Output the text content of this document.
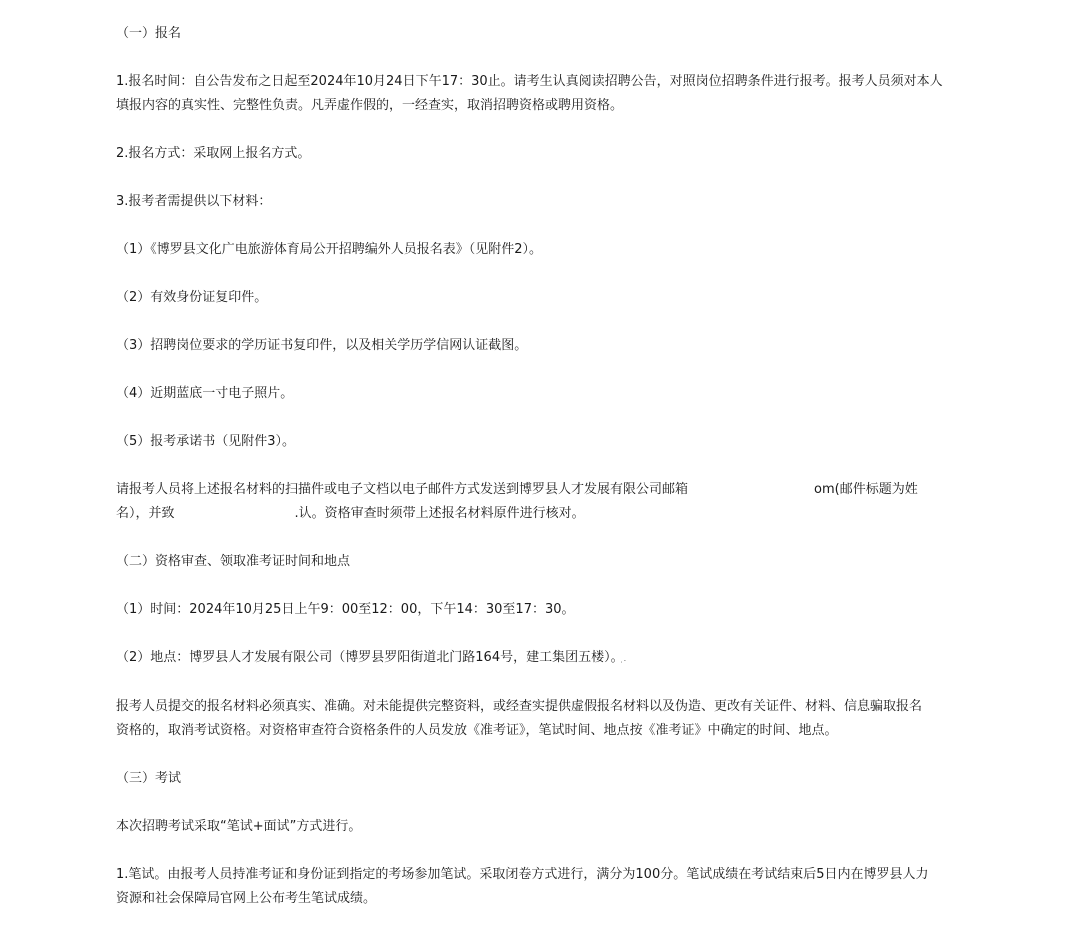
（一）报名

1.报名时间：自公告发布之日起至2024年10月24日下午17：30止。请考生认真阅读招聘公告，对照岗位招聘条件进行报考。报考人员须对本人
填报内容的真实性、完整性负责。凡弄虚作假的，一经查实，取消招聘资格或聘用资格。

2.报名方式：采取网上报名方式。

3.报考者需提供以下材料：

（1）《博罗县文化广电旅游体育局公开招聘编外人员报名表》（见附件2）。

（2）有效身份证复印件。

（3）招聘岗位要求的学历证书复印件，以及相关学历学信网认证截图。

（4）近期蓝底一寸电子照片。

（5）报考承诺书（见附件3）。

请报考人员将上述报名材料的扫描件或电子文档以电子邮件方式发送到博罗县人才发展有限公司邮箱	om(邮件标题为姓
名），并致	.认。资格审查时须带上述报名材料原件进行核对。

（二）资格审查、领取准考证时间和地点

（1）时间：2024年10月25日上午9：00至12：00，下午14：30至17：30。

（2）地点：博罗县人才发展有限公司（博罗县罗阳街道北门路164号，建工集团五楼）。̣.

报考人员提交的报名材料必须真实、准确。对未能提供完整资料，或经查实提供虚假报名材料以及伪造、更改有关证件、材料、信息骗取报名
资格的，取消考试资格。对资格审查符合资格条件的人员发放《准考证》，笔试时间、地点按《准考证》中确定的时间、地点。

（三）考试

本次招聘考试采取“笔试+面试”方式进行。

1.笔试。由报考人员持准考证和身份证到指定的考场参加笔试。采取闭卷方式进行，满分为100分。笔试成绩在考试结束后5日内在博罗县人力
资源和社会保障局官网上公布考生笔试成绩。
